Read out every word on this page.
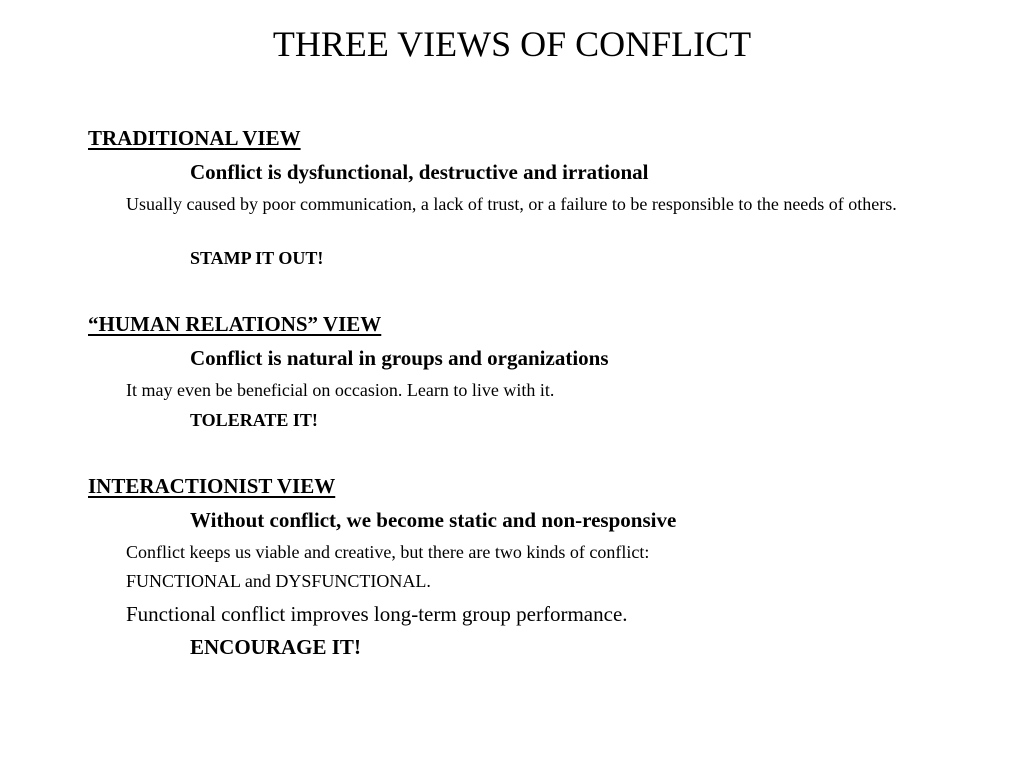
THREE VIEWS OF CONFLICT
TRADITIONAL VIEW
Conflict is dysfunctional, destructive and irrational
Usually caused by poor communication, a lack of trust, or a failure to be responsible to the needs of others.
STAMP IT OUT!
“HUMAN RELATIONS” VIEW
Conflict is natural in groups and organizations
It may even be beneficial on occasion. Learn to live with it.
TOLERATE IT!
INTERACTIONIST VIEW
Without conflict, we become static and non-responsive
Conflict keeps us viable and creative, but there are two kinds of conflict:
FUNCTIONAL and DYSFUNCTIONAL.
Functional conflict improves long-term group performance.
ENCOURAGE IT!
